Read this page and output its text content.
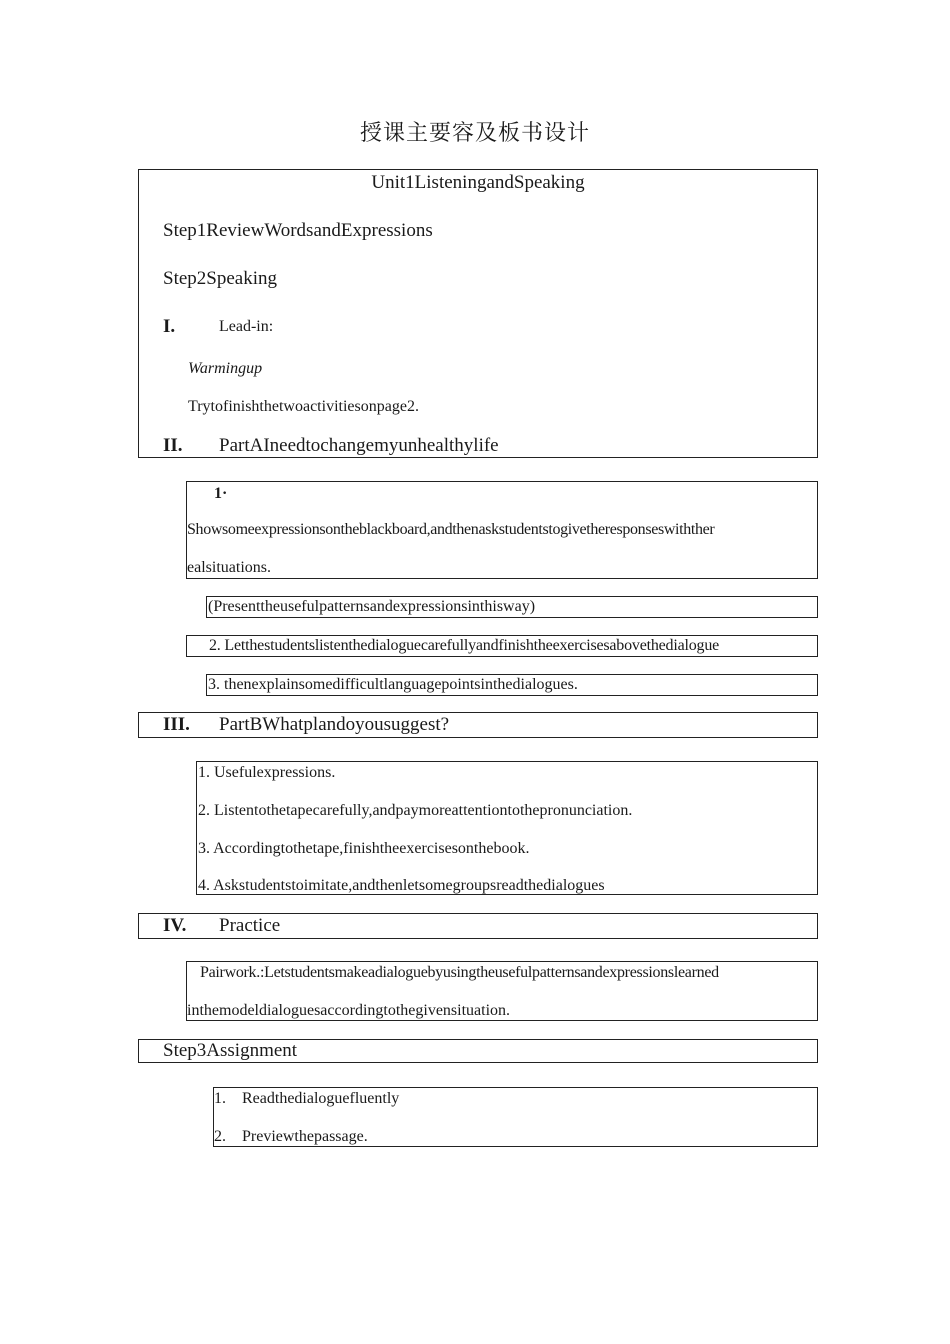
授课主要容及板书设计
Unit1ListeningandSpeaking
Step1ReviewWordsandExpressions
Step2Speaking
I.	Lead-in:
Warmingup
Trytofinishthetwoactivitiesonpage2.
II. PartAIneedtochangemyunhealthylife
1·
Showsomeexpressionsontheblackboard,andthenaskstudentstogivetheresponseswithther
ealsituations.
(Presenttheusefulpatternsandexpressionsinthisway)
2. Letthestudentslistenthedialoguecarefullyandfinishtheexercisesabovethedialogue
3. thenexplainsomedifficultlanguagepointsinthedialogues.
III. PartBWhatplandoyousuggest?
1. Usefulexpressions.
2. Listentothetapecarefully,andpaymoreattentiontothepronunciation.
3. Accordingtothetape,finishtheexercisesonthebook.
4. Askstudentstoimitate,andthenletsomegroupsreadthedialogues
IV. Practice
Pairwork.:Letstudentsmakeadialoguebyusingtheusefulpatternsandexpressionslearned
inthemodeldialoguesaccordingtothegivensituation.
Step3Assignment
1.    Readthedialoguefluently
2.    Previewthepassage.
